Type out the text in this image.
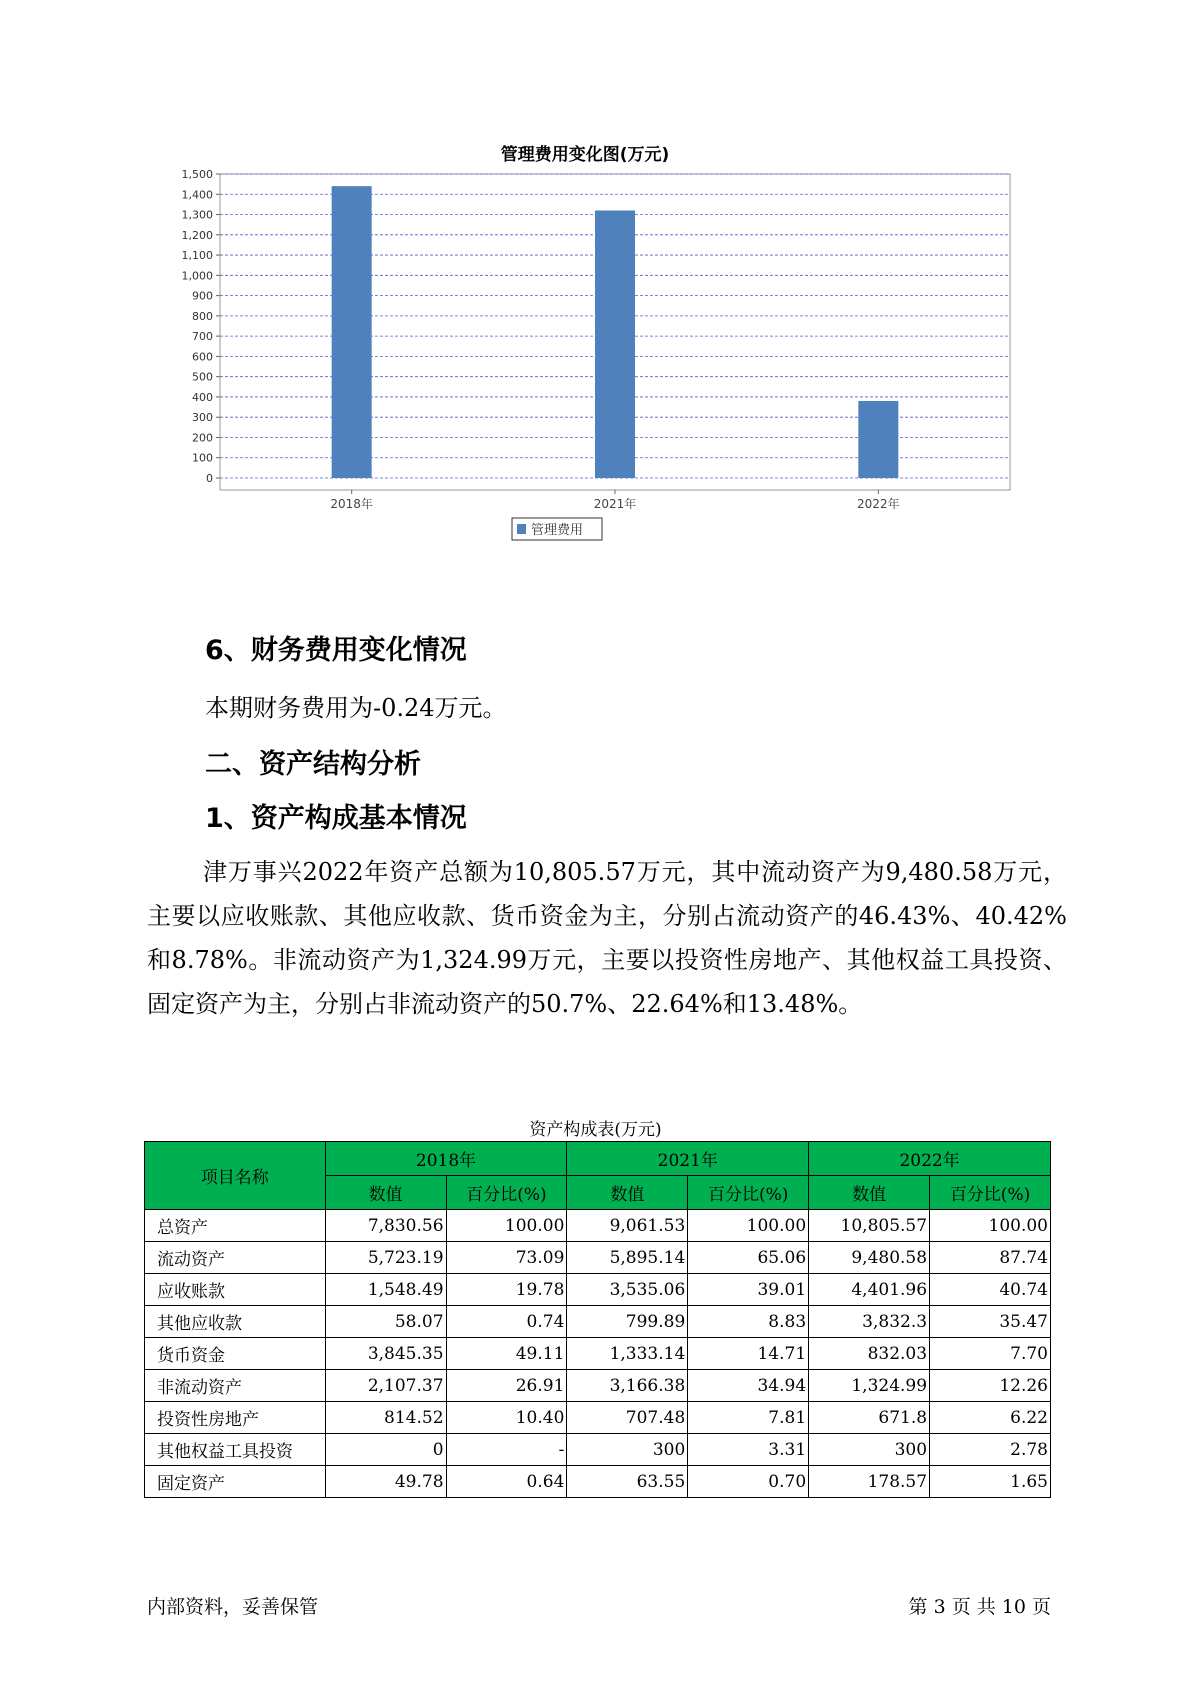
管理费用变化图(万元)
0
100
200
300
400
500
600
700
800
900
1,000
1,100
1,200
1,300
1,400
1,500
2018年	2021年	2022年
管理费用
6、财务费用变化情况
本期财务费用为-0.24万元。
二、资产结构分析
1、资产构成基本情况
津万事兴2022年资产总额为10,805.57万元，其中流动资产为9,480.58万元，主要以应收账款、其他应收款、货币资金为主，分别占流动资产的46.43%、40.42%和8.78%。非流动资产为1,324.99万元，主要以投资性房地产、其他权益工具投资、固定资产为主，分别占非流动资产的50.7%、22.64%和13.48%。
资产构成表(万元)
项目名称	2018年		2021年		2022年	
	数值	百分比(%)	数值	百分比(%)	数值	百分比(%)
总资产	7,830.56	100.00	9,061.53	100.00	10,805.57	100.00
流动资产	5,723.19	73.09	5,895.14	65.06	9,480.58	87.74
应收账款	1,548.49	19.78	3,535.06	39.01	4,401.96	40.74
其他应收款	58.07	0.74	799.89	8.83	3,832.3	35.47
货币资金	3,845.35	49.11	1,333.14	14.71	832.03	7.70
非流动资产	2,107.37	26.91	3,166.38	34.94	1,324.99	12.26
投资性房地产	814.52	10.40	707.48	7.81	671.8	6.22
其他权益工具投资	0	-	300	3.31	300	2.78
固定资产	49.78	0.64	63.55	0.70	178.57	1.65
内部资料，妥善保管	第 3 页 共 10 页
